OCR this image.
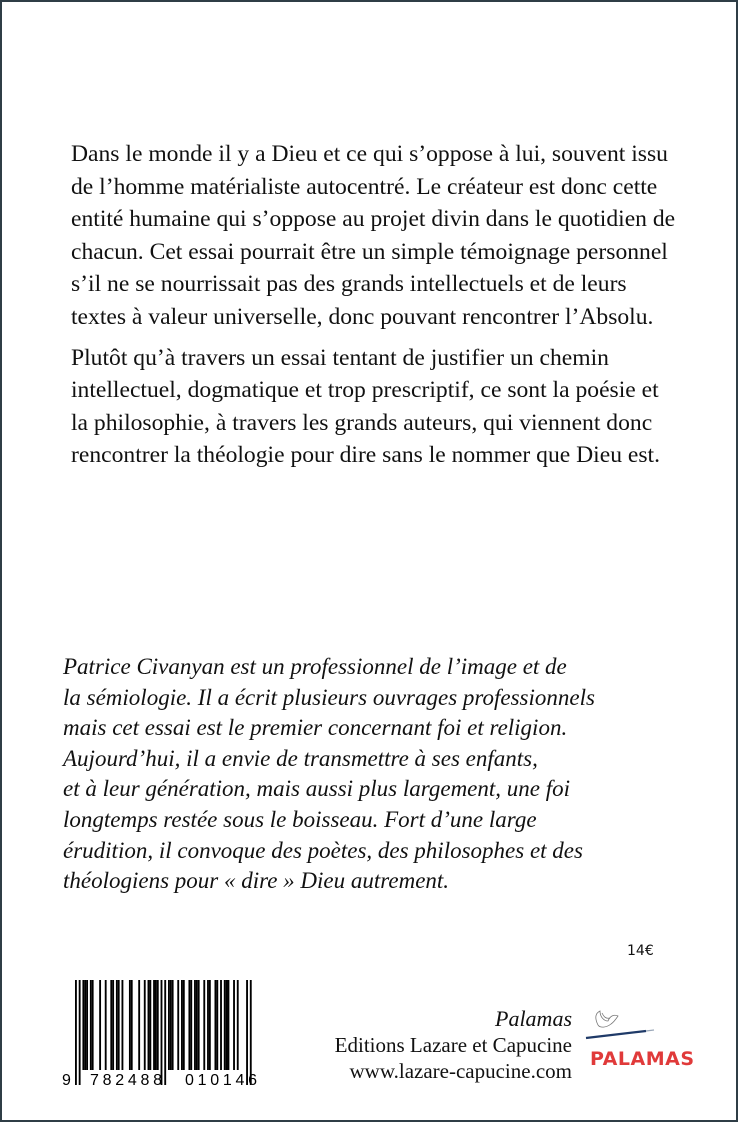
Dans le monde il y a Dieu et ce qui s’oppose à lui, souvent issu de l’homme matérialiste autocentré. Le créateur est donc cette entité humaine qui s’oppose au projet divin dans le quotidien de chacun. Cet essai pourrait être un simple témoignage personnel s’il ne se nourrissait pas des grands intellectuels et de leurs textes à valeur universelle, donc pouvant rencontrer l’Absolu.

Plutôt qu’à travers un essai tentant de justifier un chemin intellectuel, dogmatique et trop prescriptif, ce sont la poésie et la philosophie, à travers les grands auteurs, qui viennent donc rencontrer la théologie pour dire sans le nommer que Dieu est.

Patrice Civanyan est un professionnel de l’image et de

la sémiologie. Il a écrit plusieurs ouvrages professionnels

mais cet essai est le premier concernant foi et religion.

Aujourd’hui, il a envie de transmettre à ses enfants,

et à leur génération, mais aussi plus largement, une foi

longtemps restée sous le boisseau. Fort d’une large

érudition, il convoque des poètes, des philosophes et des

théologiens pour « dire » Dieu autrement.

14€
9 782488 010146
Palamas
Editions Lazare et Capucine
www.lazare-capucine.com PALAMAS
